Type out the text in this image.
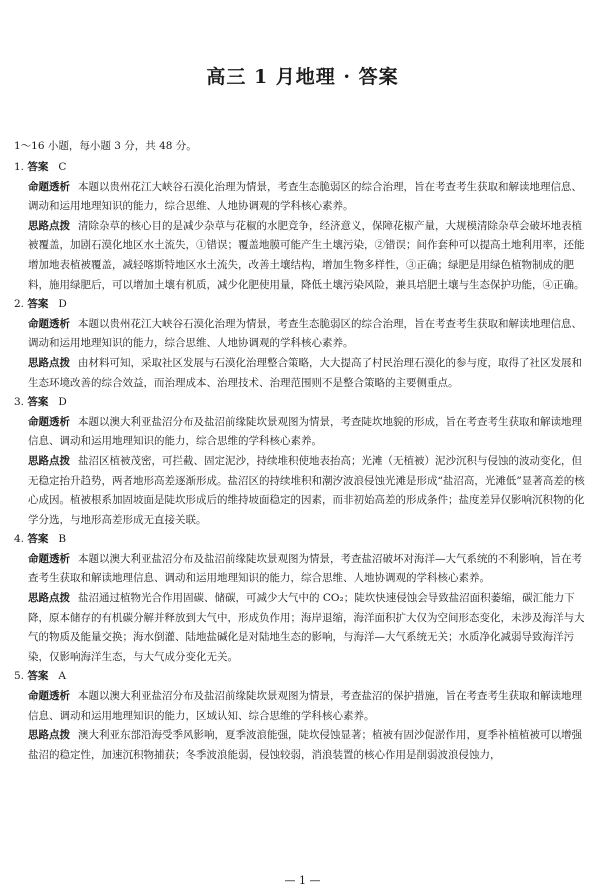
高三 1 月地理 · 答案
1～16 小题，每小题 3 分，共 48 分。

1. 答案 C

命题透析 本题以贵州花江大峡谷石漠化治理为情景，考查生态脆弱区的综合治理，旨在考查考生获取和解读地理信息、调动和运用地理知识的能力，综合思维、人地协调观的学科核心素养。

思路点拨 清除杂草的核心目的是减少杂草与花椒的水肥竞争，经济意义，保障花椒产量，大规模清除杂草会破坏地表植被覆盖，加剧石漠化地区水土流失，①错误；覆盖地膜可能产生土壤污染，②错误；间作套种可以提高土地利用率，还能增加地表植被覆盖，减轻喀斯特地区水土流失，改善土壤结构，增加生物多样性，③正确；绿肥是用绿色植物制成的肥料，施用绿肥后，可以增加土壤有机质，减少化肥使用量，降低土壤污染风险，兼具培肥土壤与生态保护功能，④正确。

2. 答案 D

命题透析 本题以贵州花江大峡谷石漠化治理为情景，考查生态脆弱区的综合治理，旨在考查考生获取和解读地理信息、调动和运用地理知识的能力，综合思维、人地协调观的学科核心素养。

思路点拨 由材料可知，采取社区发展与石漠化治理整合策略，大大提高了村民治理石漠化的参与度，取得了社区发展和生态环境改善的综合效益，而治理成本、治理技术、治理范围则不是整合策略的主要侧重点。

3. 答案 D

命题透析 本题以澳大利亚盐沼分布及盐沼前缘陡坎景观图为情景，考查陡坎地貌的形成，旨在考查考生获取和解读地理信息、调动和运用地理知识的能力，综合思维的学科核心素养。

思路点拨 盐沼区植被茂密，可拦截、固定泥沙，持续堆积使地表抬高；光滩（无植被）泥沙沉积与侵蚀的波动变化，但无稳定抬升趋势，两者地形高差逐渐形成。盐沼区的持续堆积和潮汐波浪侵蚀光滩是形成“盐沼高，光滩低”显著高差的核心成因。植被根系加固坡面是陡坎形成后的维持坡面稳定的因素，而非初始高差的形成条件；盐度差异仅影响沉积物的化学分选，与地形高差形成无直接关联。

4. 答案 B

命题透析 本题以澳大利亚盐沼分布及盐沼前缘陡坎景观图为情景，考查盐沼破坏对海洋—大气系统的不利影响，旨在考查考生获取和解读地理信息、调动和运用地理知识的能力，综合思维、人地协调观的学科核心素养。

思路点拨 盐沼通过植物光合作用固碳、储碳，可减少大气中的 CO₂；陡坎快速侵蚀会导致盐沼面积萎缩，碳汇能力下降，原本储存的有机碳分解并释放到大气中，形成负作用；海岸退缩，海洋面积扩大仅为空间形态变化，未涉及海洋与大气的物质及能量交换；海水倒灌、陆地盐碱化是对陆地生态的影响，与海洋—大气系统无关；水质净化减弱导致海洋污染，仅影响海洋生态，与大气成分变化无关。

5. 答案 A

命题透析 本题以澳大利亚盐沼分布及盐沼前缘陡坎景观图为情景，考查盐沼的保护措施，旨在考查考生获取和解读地理信息、调动和运用地理知识的能力，区域认知、综合思维的学科核心素养。

思路点拨 澳大利亚东部沿海受季风影响，夏季波浪能强，陡坎侵蚀显著；植被有固沙促淤作用，夏季补植植被可以增强盐沼的稳定性，加速沉积物捕获；冬季波浪能弱，侵蚀较弱，消浪装置的核心作用是削弱波浪侵蚀力，

— 1 —
